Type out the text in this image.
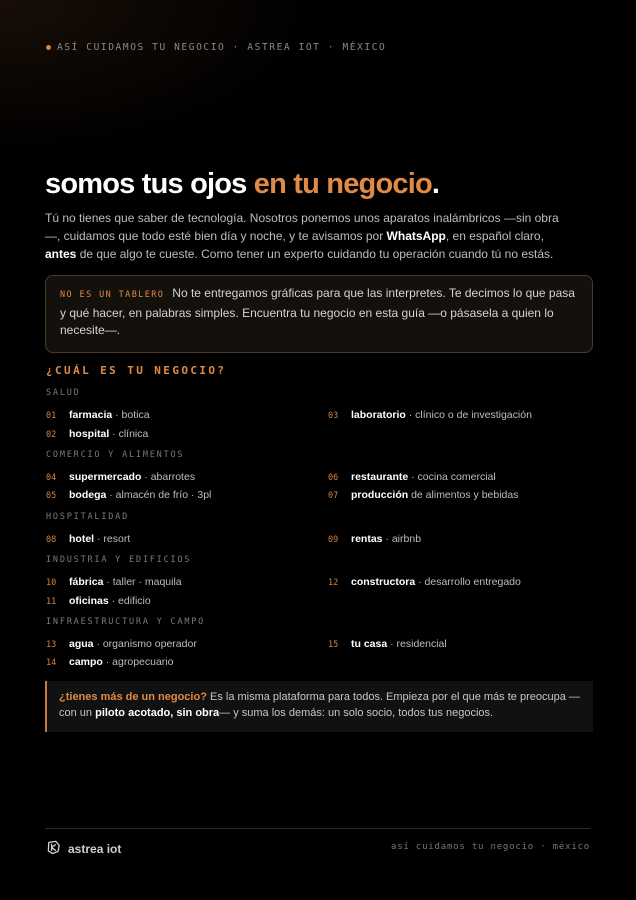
ASÍ CUIDAMOS TU NEGOCIO · ASTREA IOT · MÉXICO
somos tus ojos en tu negocio.
Tú no tienes que saber de tecnología. Nosotros ponemos unos aparatos inalámbricos —sin obra—, cuidamos que todo esté bien día y noche, y te avisamos por WhatsApp, en español claro, antes de que algo te cueste. Como tener un experto cuidando tu operación cuando tú no estás.
NO ES UN TABLERO No te entregamos gráficas para que las interpretes. Te decimos lo que pasa y qué hacer, en palabras simples. Encuentra tu negocio en esta guía —o pásasela a quien lo necesite—.
¿CUÁL ES TU NEGOCIO?
SALUD
COMERCIO Y ALIMENTOS
HOSPITALIDAD
INDUSTRIA Y EDIFICIOS
INFRAESTRUCTURA Y CAMPO
01 farmacia · botica
02 hospital · clínica
03 laboratorio · clínico o de investigación
04 supermercado · abarrotes
05 bodega · almacén de frío · 3pl
06 restaurante · cocina comercial
07 producción de alimentos y bebidas
08 hotel · resort	09 rentas · airbnb
10 fábrica · taller · maquila
11 oficinas · edificio
12 constructora · desarrollo entregado
13 agua · organismo operador
14 campo · agropecuario
15 tu casa · residencial
¿tienes más de un negocio? Es la misma plataforma para todos. Empieza por el que más te preocupa —con un piloto acotado, sin obra— y suma los demás: un solo socio, todos tus negocios.
astrea iot	así cuidamos tu negocio · méxico
